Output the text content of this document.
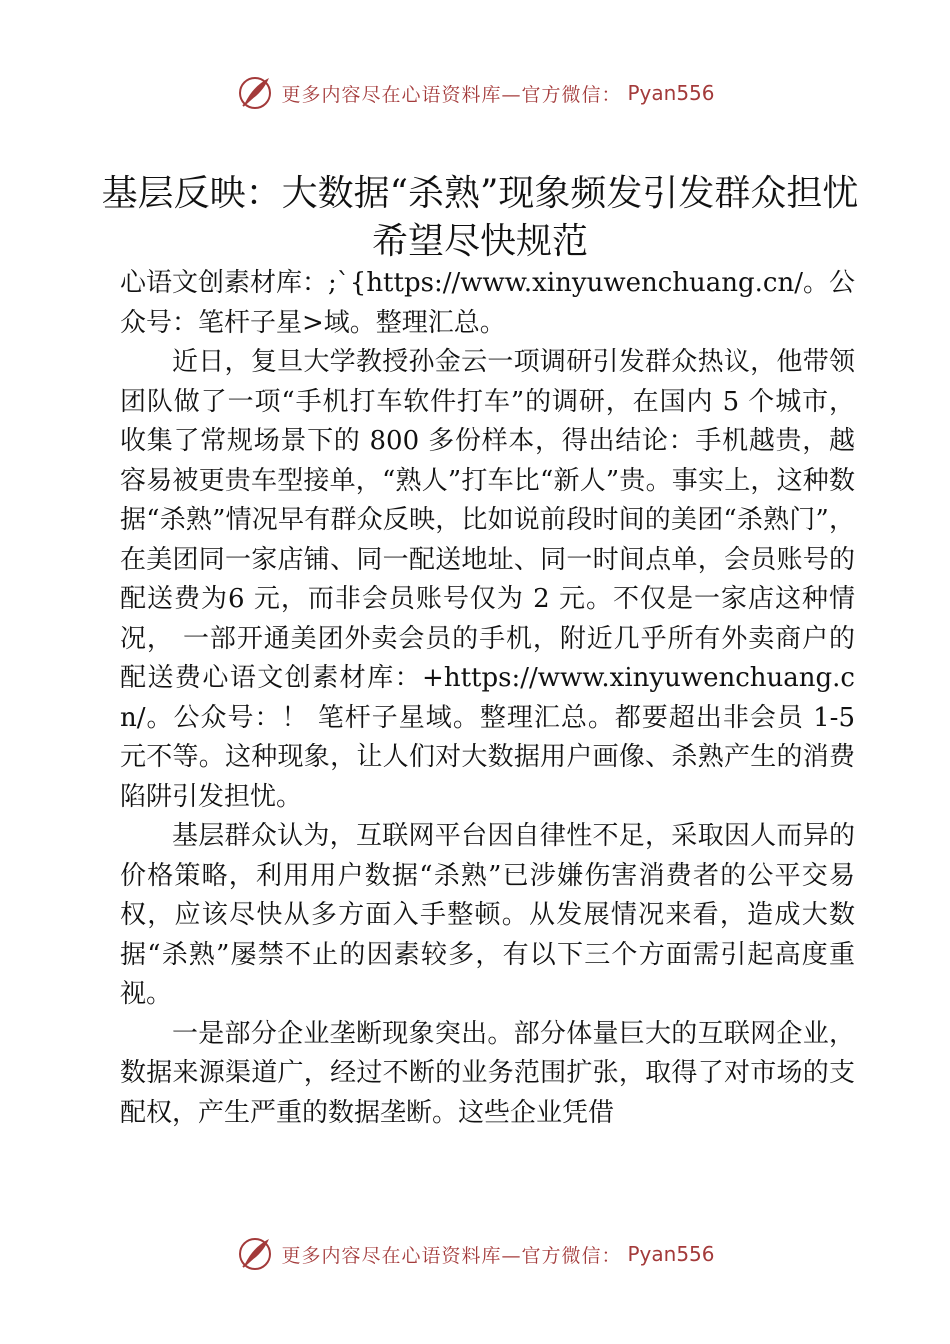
更多内容尽在心语资料库—官方微信： Pyan556
基层反映：大数据“杀熟”现象频发引发群众担忧 希望尽快规范

心语文创素材库：;`{https://www.xinyuwenchuang.cn/。公众号：笔杆子星>域。整理汇总。

近日，复旦大学教授孙金云一项调研引发群众热议，他带领团队做了一项“手机打车软件打车”的调研，在国内 5 个城市，收集了常规场景下的 800 多份样本，得出结论：手机越贵，越容易被更贵车型接单，“熟人”打车比“新人”贵。事实上，这种数据“杀熟”情况早有群众反映，比如说前段时间的美团“杀熟门”，在美团同一家店铺、同一配送地址、同一时间点单，会员账号的配送费为6 元，而非会员账号仅为 2 元。不仅是一家店这种情况， 一部开通美团外卖会员的手机，附近几乎所有外卖商户的配送费心语文创素材库：+https://www.xinyuwenchuang.cn/。公众号：！ 笔杆子星域。整理汇总。都要超出非会员 1-5 元不等。这种现象，让人们对大数据用户画像、杀熟产生的消费陷阱引发担忧。

基层群众认为，互联网平台因自律性不足，采取因人而异的价格策略，利用用户数据“杀熟”已涉嫌伤害消费者的公平交易权，应该尽快从多方面入手整顿。从发展情况来看，造成大数据“杀熟”屡禁不止的因素较多，有以下三个方面需引起高度重视。

一是部分企业垄断现象突出。部分体量巨大的互联网企业，数据来源渠道广，经过不断的业务范围扩张，取得了对市场的支配权，产生严重的数据垄断。这些企业凭借

更多内容尽在心语资料库—官方微信： Pyan556
